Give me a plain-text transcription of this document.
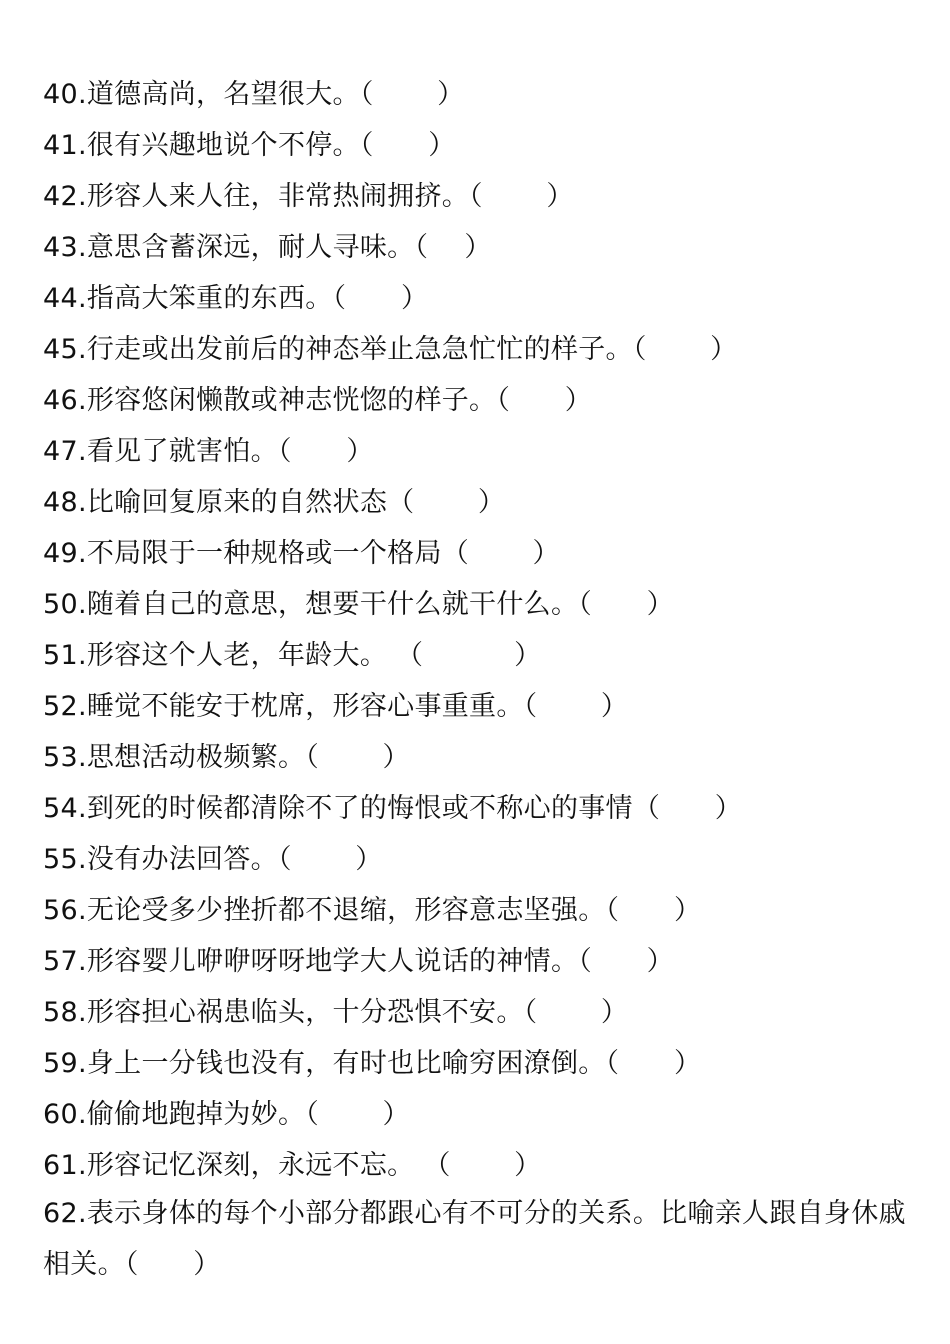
40.道德高尚，名望很大。（　　 ）
41.很有兴趣地说个不停。（　　）
42.形容人来人往，非常热闹拥挤。（　　 ）
43.意思含蓄深远，耐人寻味。（　 ）
44.指高大笨重的东西。（　　）
45.行走或出发前后的神态举止急急忙忙的样子。（　　 ）
46.形容悠闲懒散或神志恍惚的样子。（　　）
47.看见了就害怕。（　　）
48.比喻回复原来的自然状态（　　 ）
49.不局限于一种规格或一个格局（　　 ）
50.随着自己的意思，想要干什么就干什么。（　　）
51.形容这个人老，年龄大。 （　　　 ）
52.睡觉不能安于枕席，形容心事重重。（　　 ）
53.思想活动极频繁。（　　 ）
54.到死的时候都清除不了的悔恨或不称心的事情（　　）
55.没有办法回答。（　　 ）
56.无论受多少挫折都不退缩，形容意志坚强。（　　）
57.形容婴儿咿咿呀呀地学大人说话的神情。（　　）
58.形容担心祸患临头，十分恐惧不安。（　　 ）
59.身上一分钱也没有，有时也比喻穷困潦倒。（　　）
60.偷偷地跑掉为妙。（　　 ）
61.形容记忆深刻，永远不忘。 （　　 ）
62.表示身体的每个小部分都跟心有不可分的关系。比喻亲人跟自身休戚相关。（　　）
